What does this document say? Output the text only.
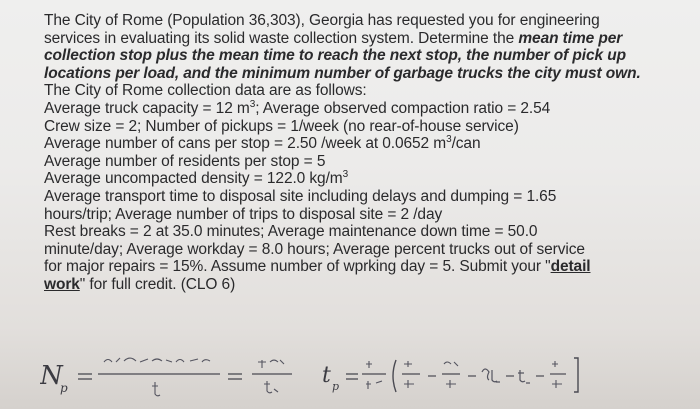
The City of Rome (Population 36,303), Georgia has requested you for engineering
services in evaluating its solid waste collection system. Determine the mean time per
collection stop plus the mean time to reach the next stop, the number of pick up
locations per load, and the minimum number of garbage trucks the city must own.
The City of Rome collection data are as follows:
Average truck capacity = 12 $m^3$; Average observed compaction ratio = 2.54
Crew size = 2; Number of pickups = 1/week (no rear-of-house service)
Average number of cans per stop = 2.50 /week at 0.0652 $m^3$/can
Average number of residents per stop = 5
Average uncompacted density = 122.0 $kg/m^3$
Average transport time to disposal site including delays and dumping = 1.65
hours/trip; Average number of trips to disposal site = 2 /day
Rest breaks = 2 at 35.0 minutes; Average maintenance down time = 50.0
minute/day; Average workday = 8.0 hours; Average percent trucks out of service
for major repairs = 15%. Assume number of wprking day = 5. Submit your "detail
work" for full credit. (CLO 6)
N
p	t p
